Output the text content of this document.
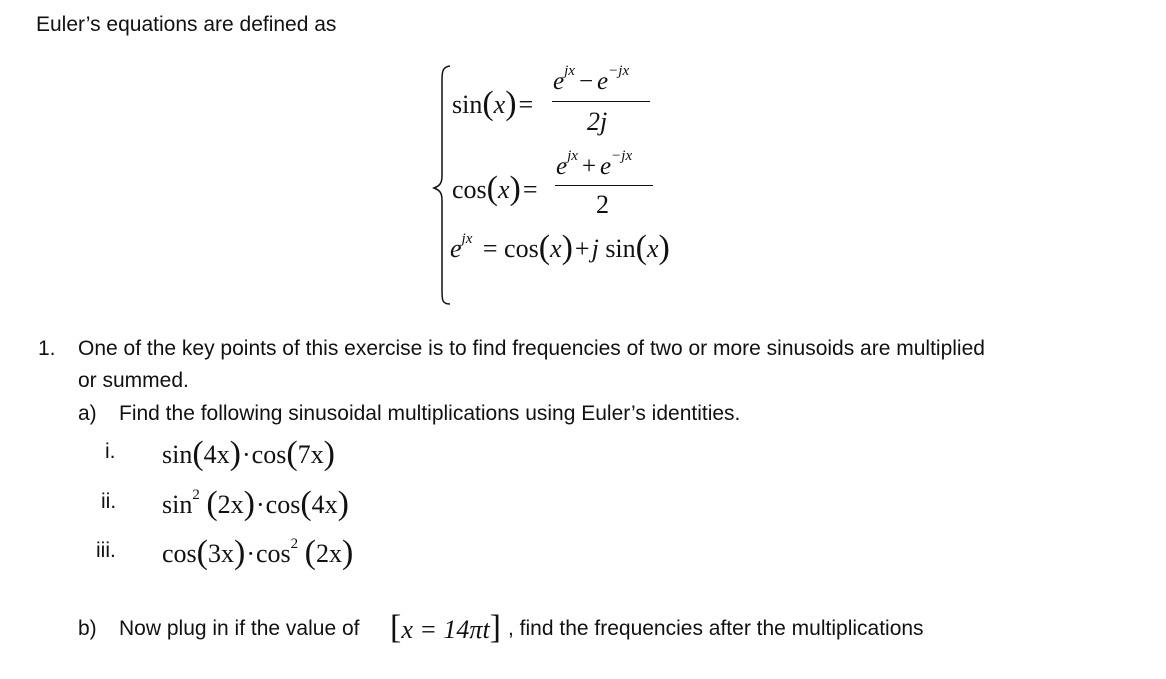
Euler’s equations are defined as
sin(x)=
$e^{jx} - e^{-jx}$
2j
cos(x)=
$e^{jx} + e^{-jx}$
2
$e^{jx} = \cos(x)+j$ sin(x)
1. One of the key points of this exercise is to find frequencies of two or more sinusoids are multiplied
or summed.
a) Find the following sinusoidal multiplications using Euler’s identities.
i. sin(4x)·cos(7x)
ii. $\sin^2 (2x)\cdot\cos(4x)$
iii. $\cos(3x)\cdot\cos^2$ (2x)
b) Now plug in if the value of [x = 14πt] , find the frequencies after the multiplications
